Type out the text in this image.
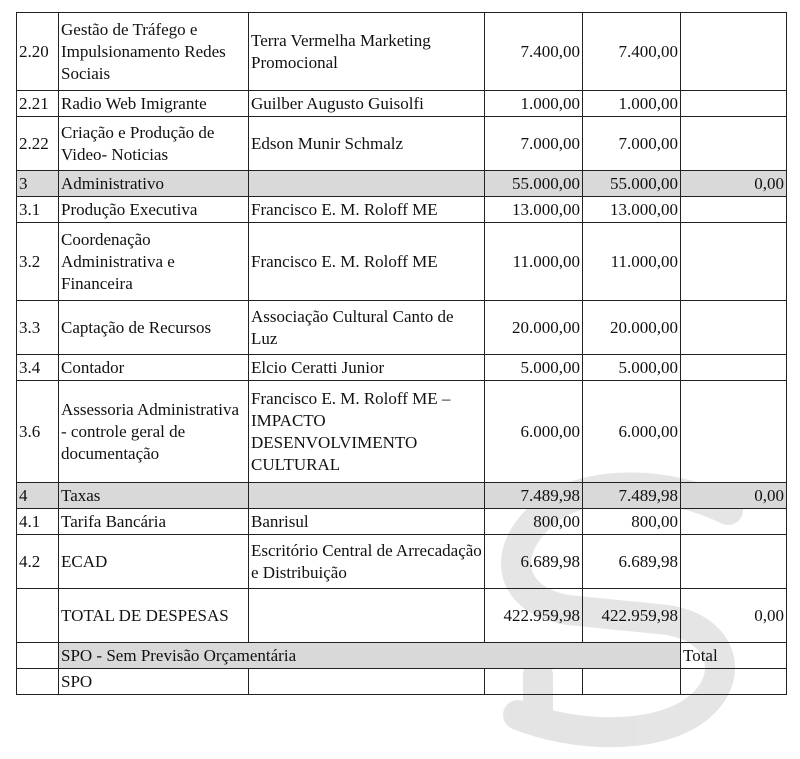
2.20	Gestão de Tráfego e Impulsionamento Redes Sociais	Terra Vermelha Marketing Promocional	7.400,00	7.400,00	
2.21	Radio Web Imigrante	Guilber Augusto Guisolfi	1.000,00	1.000,00	
2.22	Criação e Produção de Video- Noticias	Edson Munir Schmalz	7.000,00	7.000,00	
3	Administrativo		55.000,00	55.000,00	0,00
3.1	Produção Executiva	Francisco E. M. Roloff ME	13.000,00	13.000,00	
3.2	Coordenação Administrativa e Financeira	Francisco E. M. Roloff ME	11.000,00	11.000,00	
3.3	Captação de Recursos	Associação Cultural Canto de Luz	20.000,00	20.000,00	
3.4	Contador	Elcio Ceratti Junior	5.000,00	5.000,00	
3.6	Assessoria Administrativa - controle geral de documentação	Francisco E. M. Roloff ME – IMPACTO DESENVOLVIMENTO CULTURAL	6.000,00	6.000,00	
4	Taxas		7.489,98	7.489,98	0,00
4.1	Tarifa Bancária	Banrisul	800,00	800,00	
4.2	ECAD	Escritório Central de Arrecadação e Distribuição	6.689,98	6.689,98	
	TOTAL DE DESPESAS		422.959,98	422.959,98	0,00
	SPO - Sem Previsão Orçamentária				Total
	SPO				
